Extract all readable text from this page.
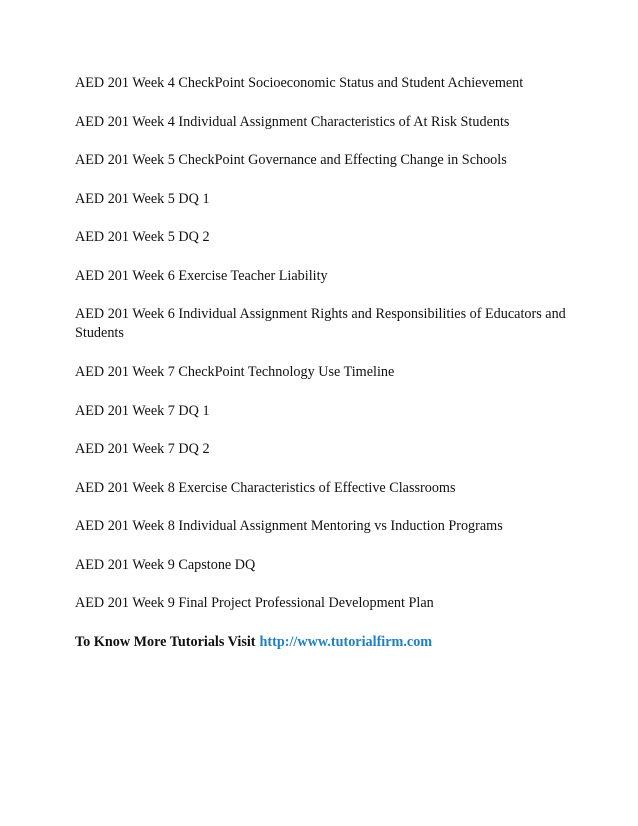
AED 201 Week 4 CheckPoint Socioeconomic Status and Student Achievement
AED 201 Week 4 Individual Assignment Characteristics of At Risk Students
AED 201 Week 5 CheckPoint Governance and Effecting Change in Schools
AED 201 Week 5 DQ 1
AED 201 Week 5 DQ 2
AED 201 Week 6 Exercise Teacher Liability
AED 201 Week 6 Individual Assignment Rights and Responsibilities of Educators and Students
AED 201 Week 7 CheckPoint Technology Use Timeline
AED 201 Week 7 DQ 1
AED 201 Week 7 DQ 2
AED 201 Week 8 Exercise Characteristics of Effective Classrooms
AED 201 Week 8 Individual Assignment Mentoring vs Induction Programs
AED 201 Week 9 Capstone DQ
AED 201 Week 9 Final Project Professional Development Plan
To Know More Tutorials Visit http://www.tutorialfirm.com
